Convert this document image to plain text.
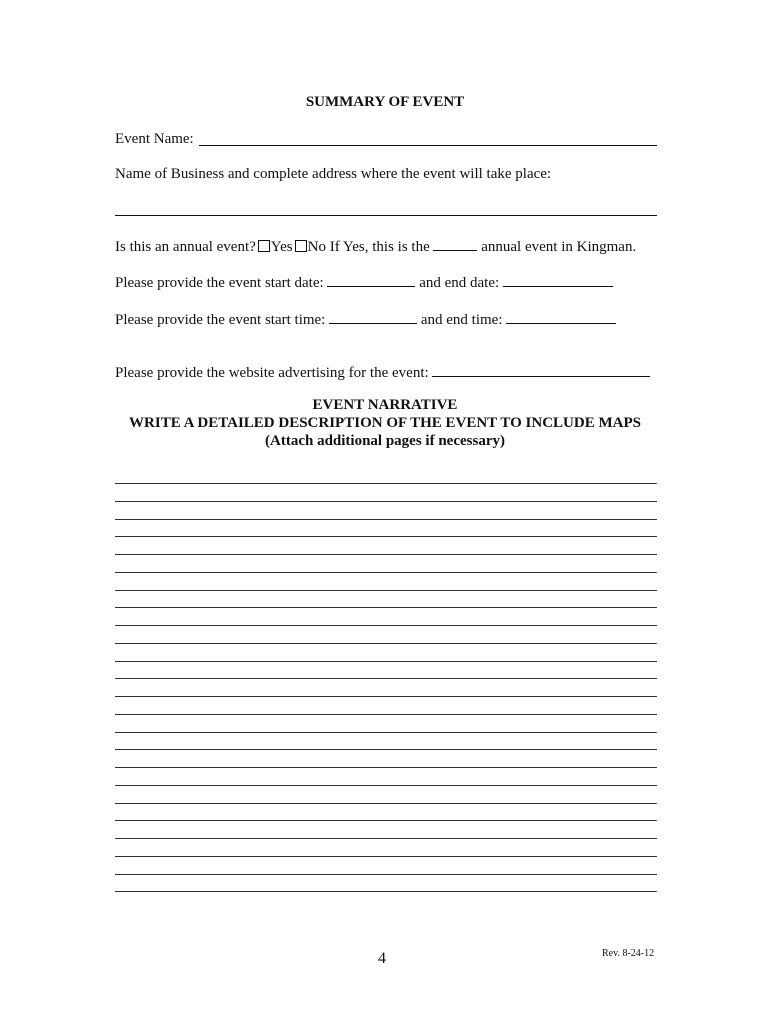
SUMMARY OF EVENT
Event Name:
Name of Business and complete address where the event will take place:
Is this an annual event? Yes No If Yes, this is the	annual event in Kingman.
Please provide the event start date:	and end date:
Please provide the event start time:	and end time:
Please provide the website advertising for the event:
EVENT NARRATIVE
WRITE A DETAILED DESCRIPTION OF THE EVENT TO INCLUDE MAPS
(Attach additional pages if necessary)
4	Rev. 8-24-12
